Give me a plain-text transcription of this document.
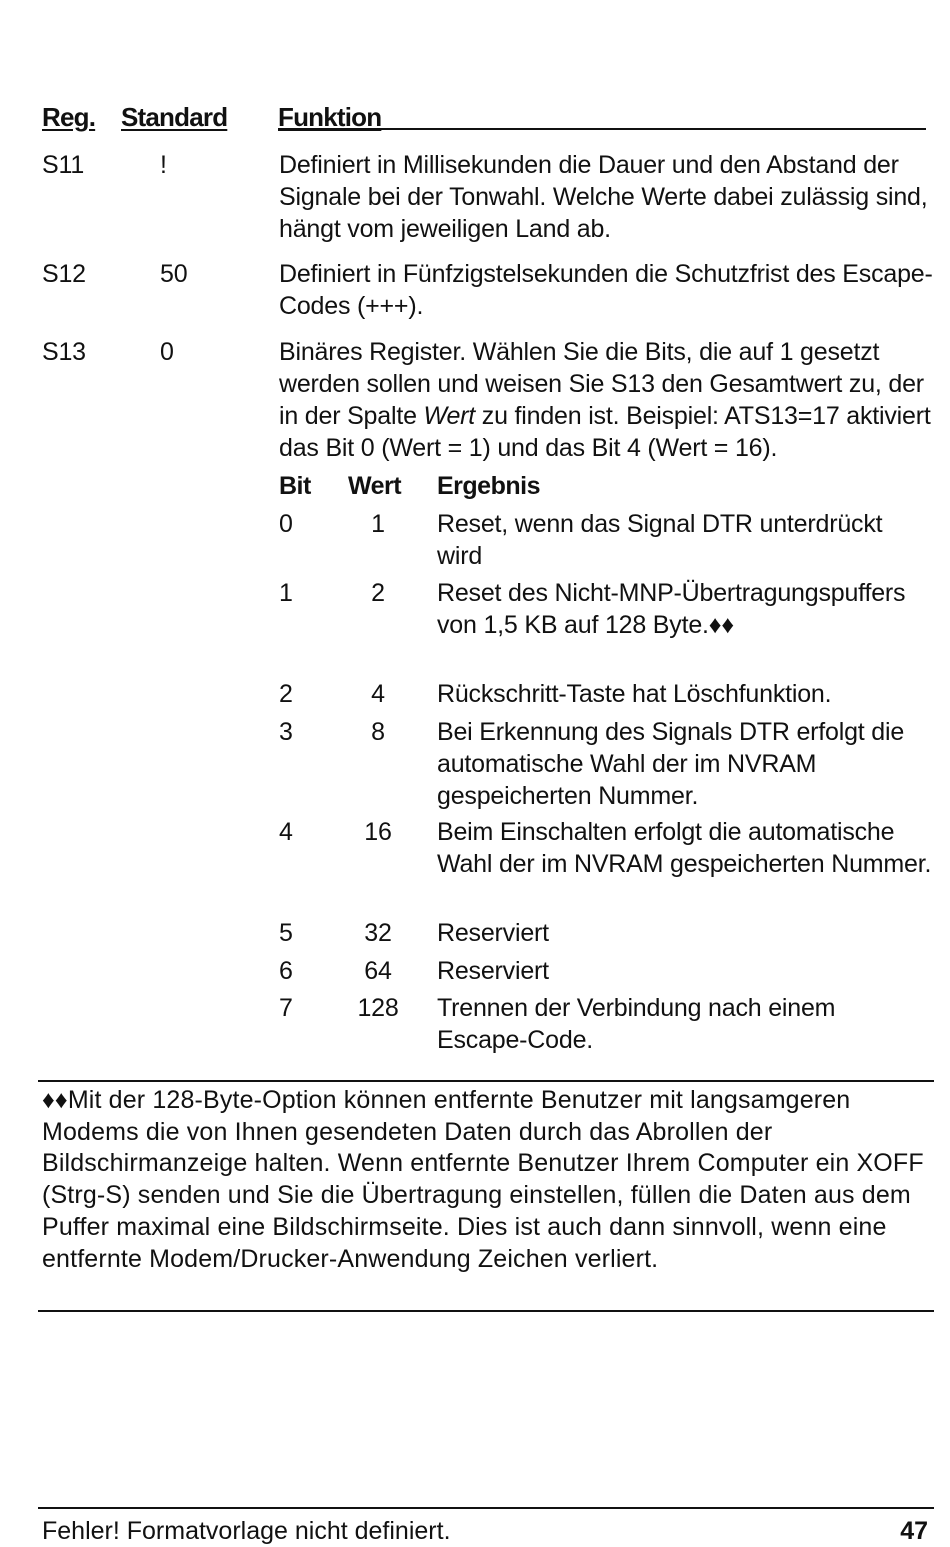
Reg. Standard Funktion
S11	!	Definiert in Millisekunden die Dauer und den Abstand der Signale bei der Tonwahl. Welche Werte dabei zulässig sind, hängt vom jeweiligen Land ab.
S12	50	Definiert in Fünfzigstelsekunden die Schutzfrist des Escape-Codes (+++).
S13	0	Binäres Register. Wählen Sie die Bits, die auf 1 gesetzt werden sollen und weisen Sie S13 den Gesamtwert zu, der in der Spalte Wert zu finden ist. Beispiel: ATS13=17 aktiviert das Bit 0 (Wert = 1) und das Bit 4 (Wert = 16).
Bit	Wert Ergebnis
0	1	Reset, wenn das Signal DTR unterdrückt wird
1	2	Reset des Nicht-MNP-Übertragungspuffers von 1,5 KB auf 128 Byte.♦♦
2	4	Rückschritt-Taste hat Löschfunktion.
3	8	Bei Erkennung des Signals DTR erfolgt die automatische Wahl der im NVRAM gespeicherten Nummer.
4	16	Beim Einschalten erfolgt die automatische Wahl der im NVRAM gespeicherten Nummer.
5	32	Reserviert
6	64	Reserviert
7	128	Trennen der Verbindung nach einem Escape-Code.
♦♦Mit der 128-Byte-Option können entfernte Benutzer mit langsamgeren Modems die von Ihnen gesendeten Daten durch das Abrollen der Bildschirmanzeige halten. Wenn entfernte Benutzer Ihrem Computer ein XOFF (Strg-S) senden und Sie die Übertragung einstellen, füllen die Daten aus dem Puffer maximal eine Bildschirmseite. Dies ist auch dann sinnvoll, wenn eine entfernte Modem/Drucker-Anwendung Zeichen verliert.
Fehler! Formatvorlage nicht definiert.	47
